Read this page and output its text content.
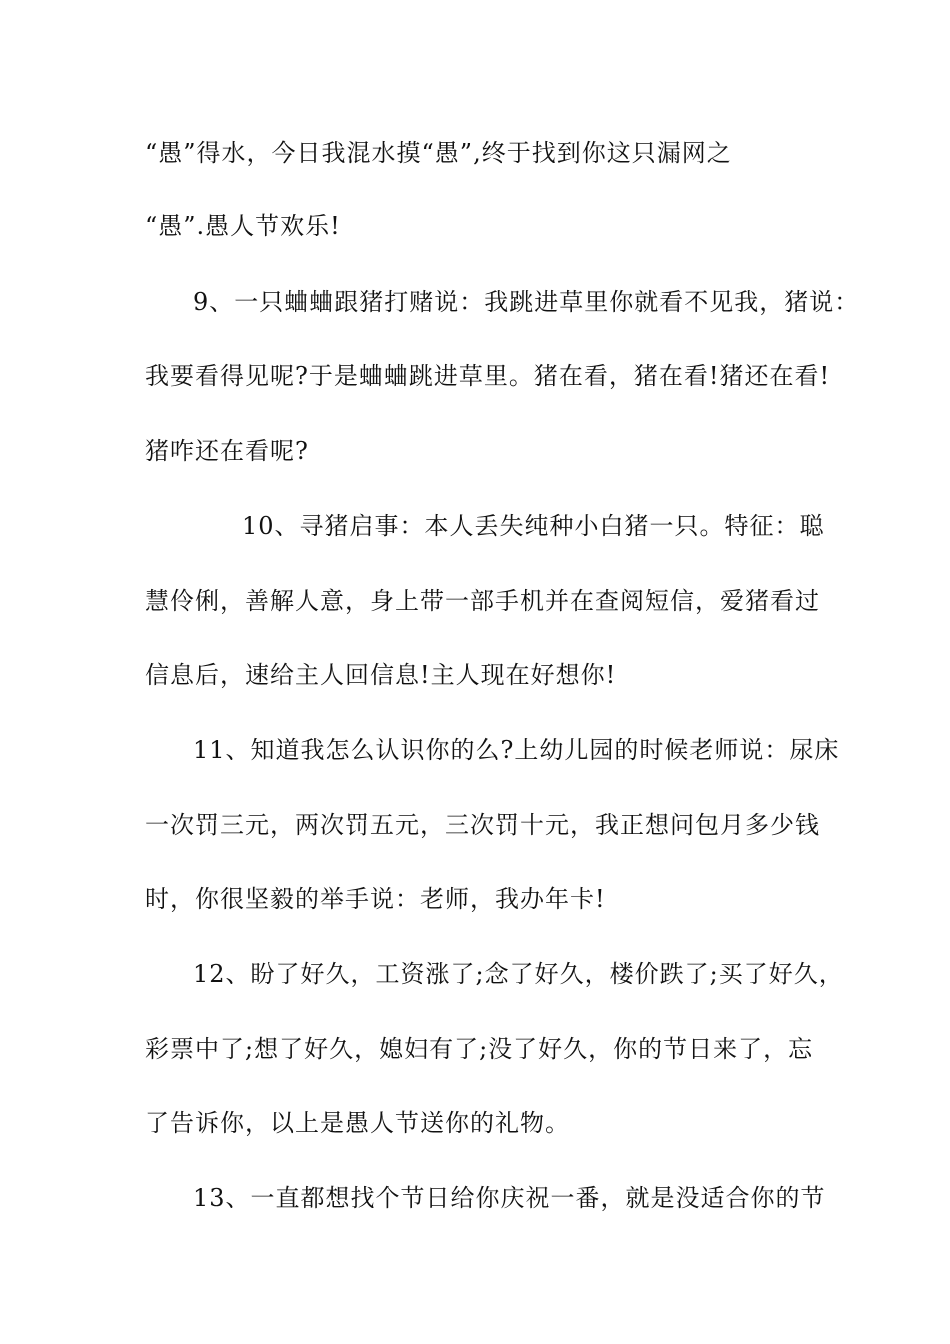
“愚”得水，今日我混水摸“愚”,终于找到你这只漏网之
“愚”.愚人节欢乐!
9、一只蛐蛐跟猪打赌说：我跳进草里你就看不见我，猪说：
我要看得见呢?于是蛐蛐跳进草里。猪在看，猪在看!猪还在看!
猪咋还在看呢?
10、寻猪启事：本人丢失纯种小白猪一只。特征：聪
慧伶俐，善解人意，身上带一部手机并在查阅短信，爱猪看过
信息后，速给主人回信息!主人现在好想你!
11、知道我怎么认识你的么?上幼儿园的时候老师说：尿床
一次罚三元，两次罚五元，三次罚十元，我正想问包月多少钱
时，你很坚毅的举手说：老师，我办年卡!
12、盼了好久，工资涨了;念了好久，楼价跌了;买了好久，
彩票中了;想了好久，媳妇有了;没了好久，你的节日来了，忘
了告诉你，以上是愚人节送你的礼物。
13、一直都想找个节日给你庆祝一番，就是没适合你的节
